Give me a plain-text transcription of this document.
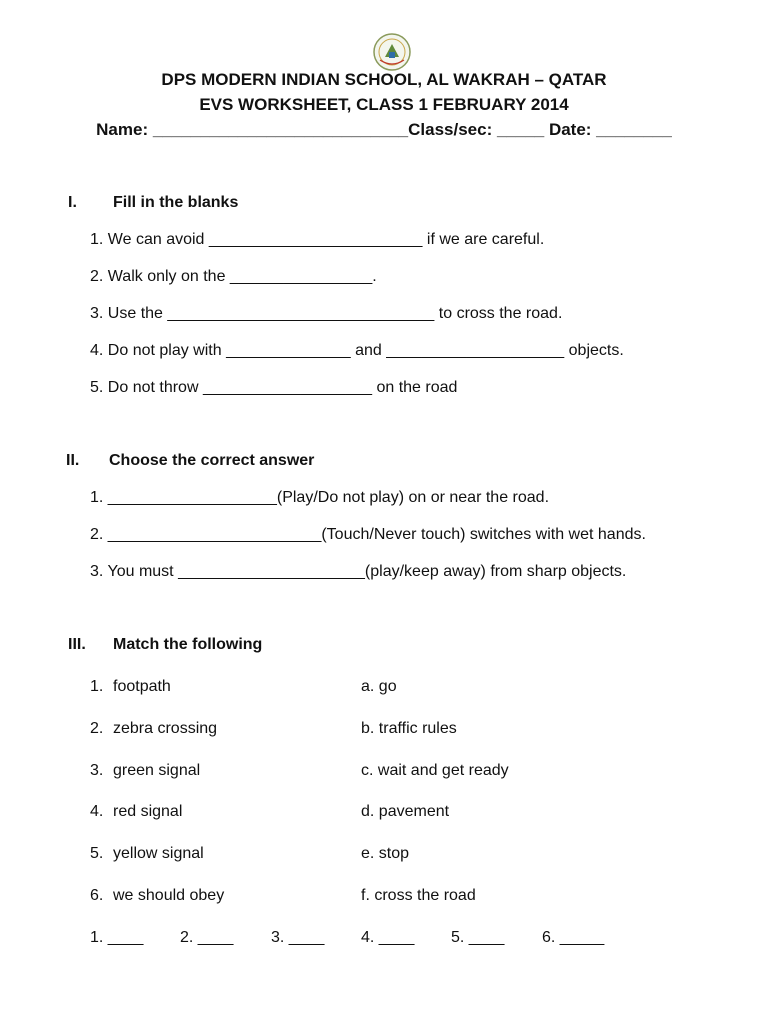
DPS MODERN INDIAN SCHOOL, AL WAKRAH – QATAR
EVS WORKSHEET, CLASS 1 FEBRUARY 2014
Name: ___________________________Class/sec: _____ Date: ________
I. Fill in the blanks
1. We can avoid ________________________ if we are careful.
2. Walk only on the ________________.
3. Use the ______________________________ to cross the road.
4. Do not play with ______________ and ____________________ objects.
5. Do not throw ___________________ on the road
II. Choose the correct answer
1. ___________________(Play/Do not play) on or near the road.
2. ________________________(Touch/Never touch) switches with wet hands.
3. You must _____________________(play/keep away) from sharp objects.
III. Match the following
1. footpath	a. go
2. zebra crossing	b. traffic rules
3. green signal	c. wait and get ready
4. red signal	d. pavement
5. yellow signal	e. stop
6. we should obey	f. cross the road
1. ____ 2. ____ 3. ____ 4. ____ 5. ____ 6. _____
